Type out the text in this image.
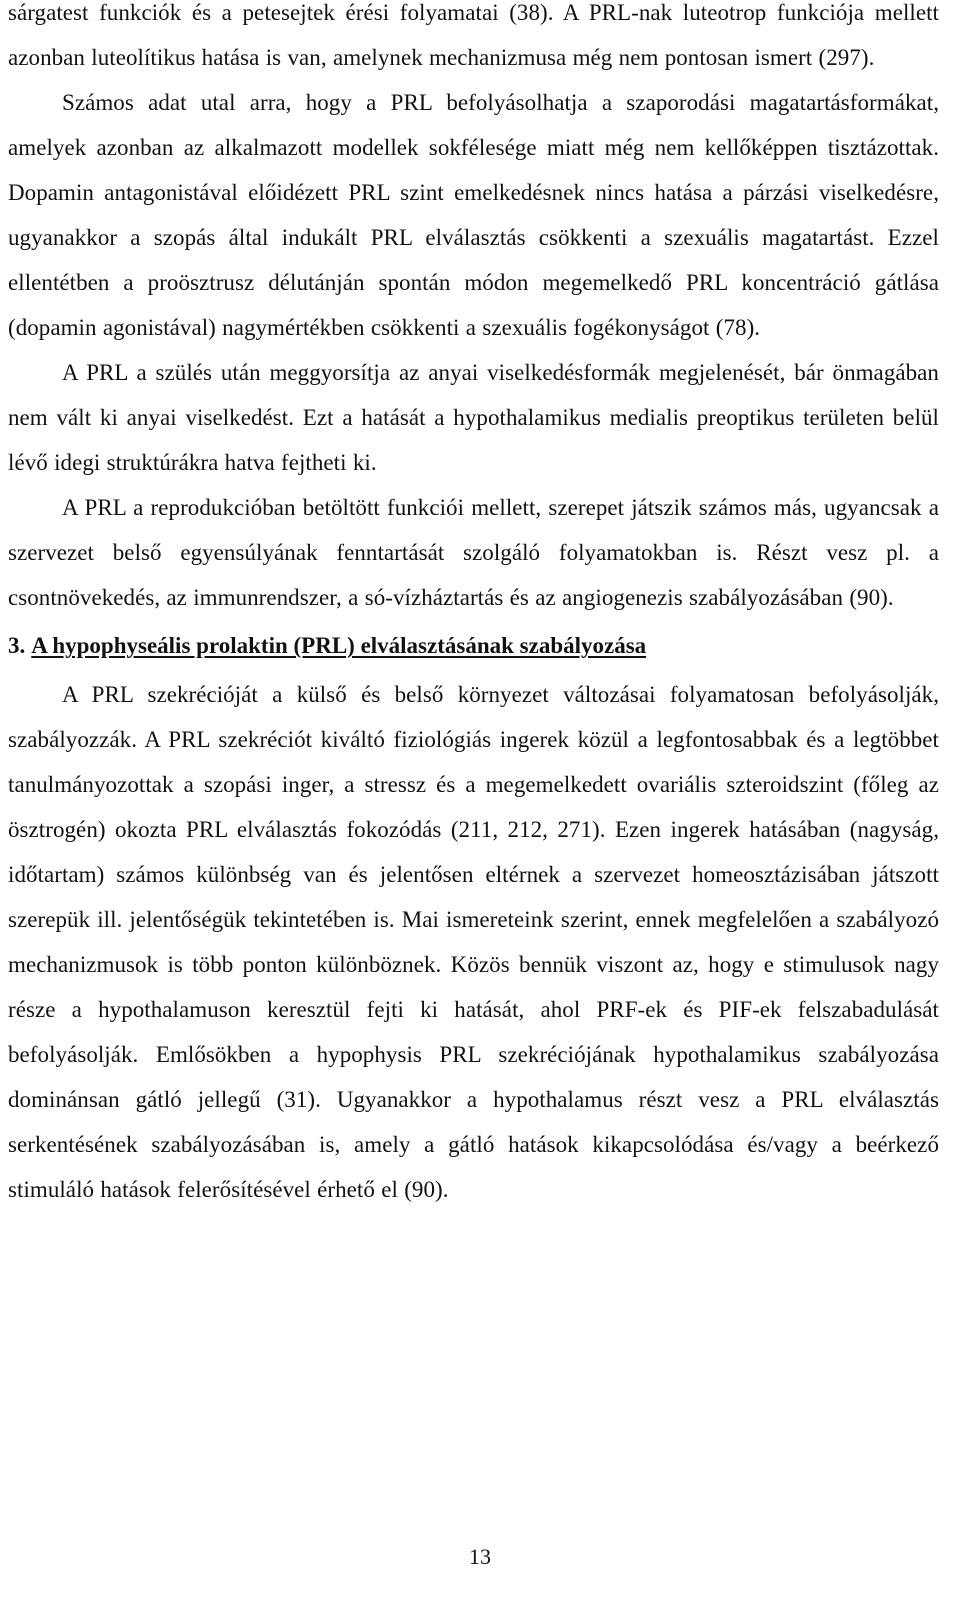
sárgatest funkciók és a petesejtek érési folyamatai (38). A PRL-nak luteotrop funkciója mellett azonban luteolítikus hatása is van, amelynek mechanizmusa még nem pontosan ismert (297).

Számos adat utal arra, hogy a PRL befolyásolhatja a szaporodási magatartásformákat, amelyek azonban az alkalmazott modellek sokfélesége miatt még nem kellőképpen tisztázottak. Dopamin antagonistával előidézett PRL szint emelkedésnek nincs hatása a párzási viselkedésre, ugyanakkor a szopás által indukált PRL elválasztás csökkenti a szexuális magatartást. Ezzel ellentétben a proösztrusz délutánján spontán módon megemelkedő PRL koncentráció gátlása (dopamin agonistával) nagymértékben csökkenti a szexuális fogékonyságot (78).

A PRL a szülés után meggyorsítja az anyai viselkedésformák megjelenését, bár önmagában nem vált ki anyai viselkedést. Ezt a hatását a hypothalamikus medialis preoptikus területen belül lévő idegi struktúrákra hatva fejtheti ki.

A PRL a reprodukcióban betöltött funkciói mellett, szerepet játszik számos más, ugyancsak a szervezet belső egyensúlyának fenntartását szolgáló folyamatokban is. Részt vesz pl. a csontnövekedés, az immunrendszer, a só-vízháztartás és az angiogenezis szabályozásában (90).

3. A hypophyseális prolaktin (PRL) elválasztásának szabályozása

A PRL szekrécióját a külső és belső környezet változásai folyamatosan befolyásolják, szabályozzák. A PRL szekréciót kiváltó fiziológiás ingerek közül a legfontosabbak és a legtöbbet tanulmányozottak a szopási inger, a stressz és a megemelkedett ovariális szteroidszint (főleg az ösztrogén) okozta PRL elválasztás fokozódás (211, 212, 271). Ezen ingerek hatásában (nagyság, időtartam) számos különbség van és jelentősen eltérnek a szervezet homeosztázisában játszott szerepük ill. jelentőségük tekintetében is. Mai ismereteink szerint, ennek megfelelően a szabályozó mechanizmusok is több ponton különböznek. Közös bennük viszont az, hogy e stimulusok nagy része a hypothalamuson keresztül fejti ki hatását, ahol PRF-ek és PIF-ek felszabadulását befolyásolják. Emlősökben a hypophysis PRL szekréciójának hypothalamikus szabályozása dominánsan gátló jellegű (31). Ugyanakkor a hypothalamus részt vesz a PRL elválasztás serkentésének szabályozásában is, amely a gátló hatások kikapcsolódása és/vagy a beérkező stimuláló hatások felerősítésével érhető el (90).

13
